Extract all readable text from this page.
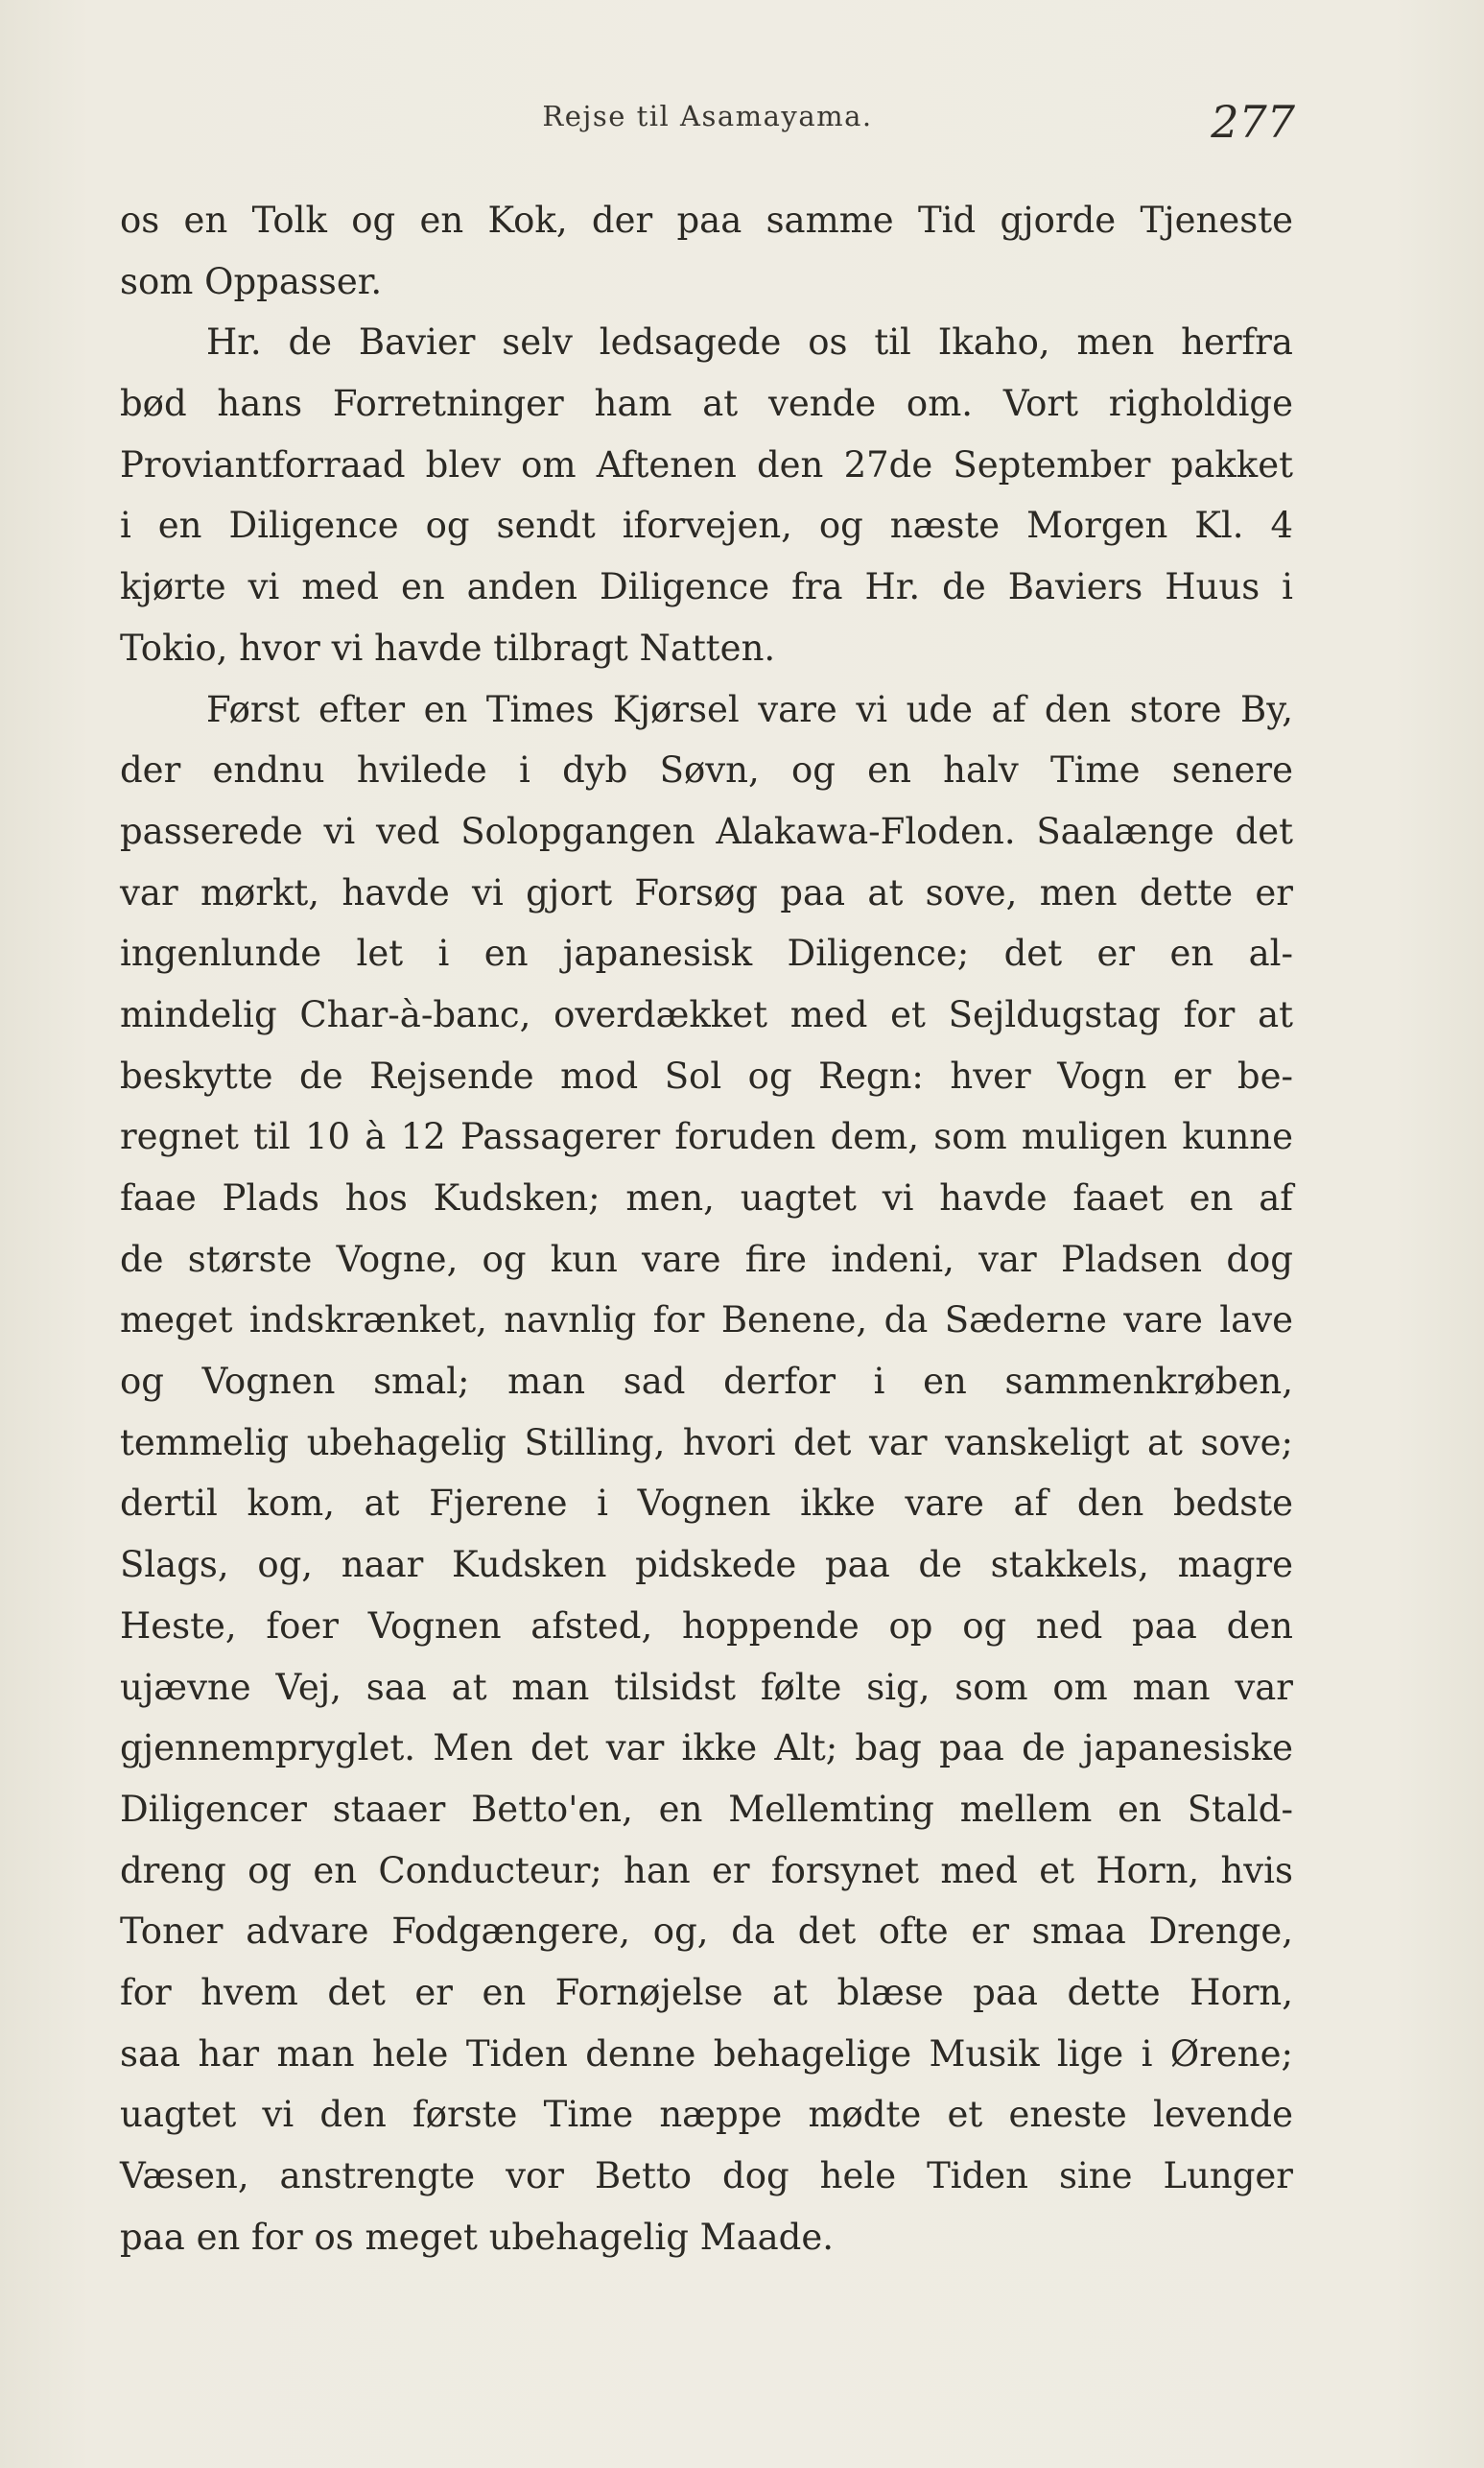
Rejse til Asamayama.	277
os en Tolk og en Kok, der paa samme Tid gjorde Tjeneste
som Oppasser.
Hr. de Bavier selv ledsagede os til Ikaho, men herfra
bød hans Forretninger ham at vende om. Vort righoldige
Proviantforraad blev om Aftenen den 27de September pakket
i en Diligence og sendt iforvejen, og næste Morgen Kl. 4
kjørte vi med en anden Diligence fra Hr. de Baviers Huus i
Tokio, hvor vi havde tilbragt Natten.
Først efter en Times Kjørsel vare vi ude af den store By,
der endnu hvilede i dyb Søvn, og en halv Time senere
passerede vi ved Solopgangen Alakawa-Floden. Saalænge det
var mørkt, havde vi gjort Forsøg paa at sove, men dette er
ingenlunde let i en japanesisk Diligence; det er en al-
mindelig Char-à-banc, overdækket med et Sejldugstag for at
beskytte de Rejsende mod Sol og Regn: hver Vogn er be-
regnet til 10 à 12 Passagerer foruden dem, som muligen kunne
faae Plads hos Kudsken; men, uagtet vi havde faaet en af
de største Vogne, og kun vare fire indeni, var Pladsen dog
meget indskrænket, navnlig for Benene, da Sæderne vare lave
og Vognen smal; man sad derfor i en sammenkrøben,
temmelig ubehagelig Stilling, hvori det var vanskeligt at sove;
dertil kom, at Fjerene i Vognen ikke vare af den bedste
Slags, og, naar Kudsken pidskede paa de stakkels, magre
Heste, foer Vognen afsted, hoppende op og ned paa den
ujævne Vej, saa at man tilsidst følte sig, som om man var
gjennempryglet. Men det var ikke Alt; bag paa de japanesiske
Diligencer staaer Betto'en, en Mellemting mellem en Stald-
dreng og en Conducteur; han er forsynet med et Horn, hvis
Toner advare Fodgængere, og, da det ofte er smaa Drenge,
for hvem det er en Fornøjelse at blæse paa dette Horn,
saa har man hele Tiden denne behagelige Musik lige i Ørene;
uagtet vi den første Time næppe mødte et eneste levende
Væsen, anstrengte vor Betto dog hele Tiden sine Lunger
paa en for os meget ubehagelig Maade.
